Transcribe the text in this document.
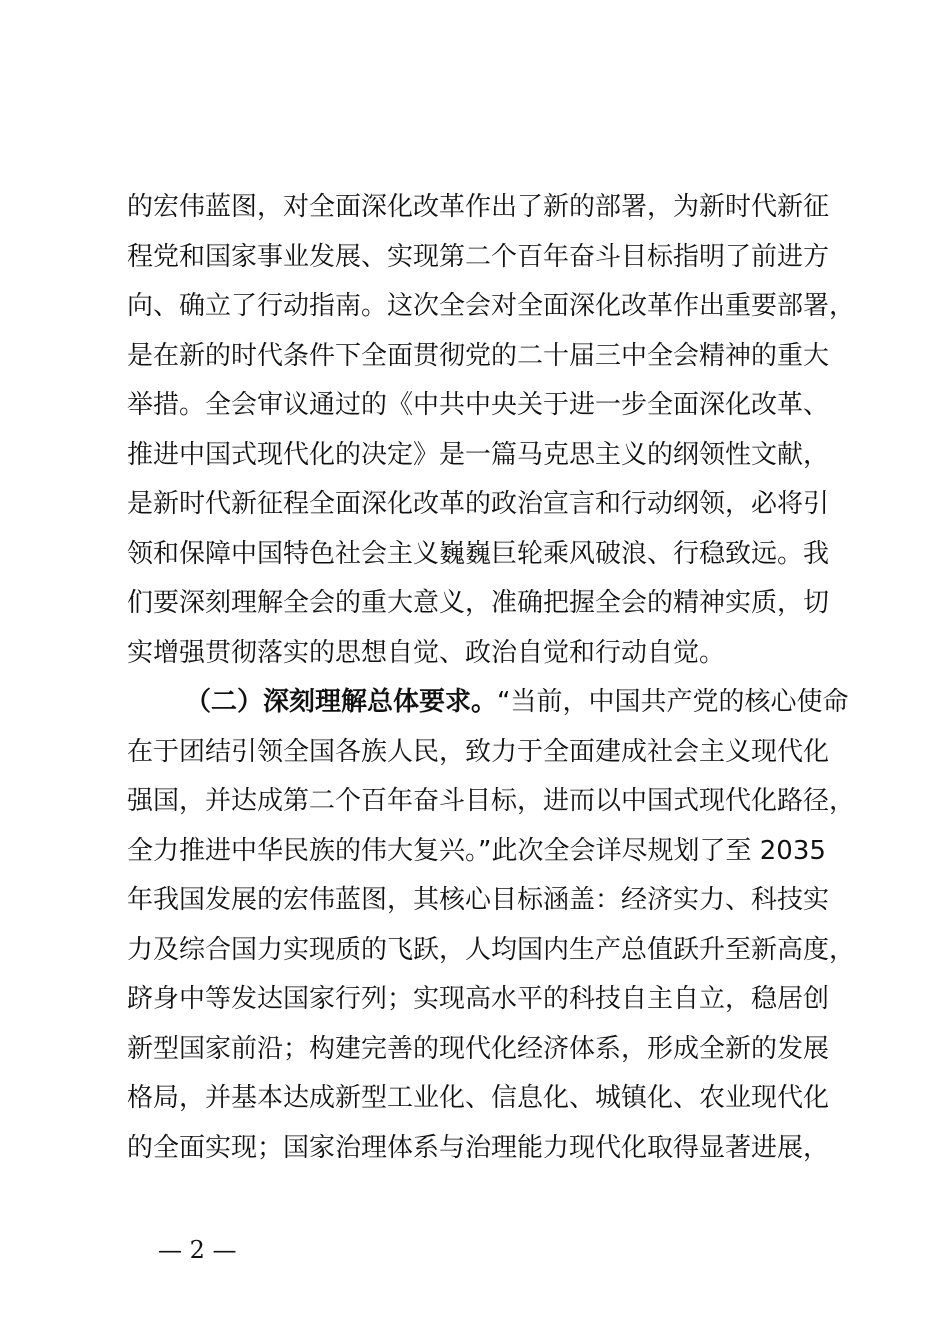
的宏伟蓝图，对全面深化改革作出了新的部署，为新时代新征
程党和国家事业发展、实现第二个百年奋斗目标指明了前进方
向、确立了行动指南。这次全会对全面深化改革作出重要部署，
是在新的时代条件下全面贯彻党的二十届三中全会精神的重大
举措。全会审议通过的《中共中央关于进一步全面深化改革、
推进中国式现代化的决定》是一篇马克思主义的纲领性文献，
是新时代新征程全面深化改革的政治宣言和行动纲领，必将引
领和保障中国特色社会主义巍巍巨轮乘风破浪、行稳致远。我
们要深刻理解全会的重大意义，准确把握全会的精神实质，切
实增强贯彻落实的思想自觉、政治自觉和行动自觉。
（二）深刻理解总体要求。“当前，中国共产党的核心使命
在于团结引领全国各族人民，致力于全面建成社会主义现代化
强国，并达成第二个百年奋斗目标，进而以中国式现代化路径，
全力推进中华民族的伟大复兴。”此次全会详尽规划了至 2035
年我国发展的宏伟蓝图，其核心目标涵盖：经济实力、科技实
力及综合国力实现质的飞跃，人均国内生产总值跃升至新高度，
跻身中等发达国家行列；实现高水平的科技自主自立，稳居创
新型国家前沿；构建完善的现代化经济体系，形成全新的发展
格局，并基本达成新型工业化、信息化、城镇化、农业现代化
的全面实现；国家治理体系与治理能力现代化取得显著进展，
— 2 —
